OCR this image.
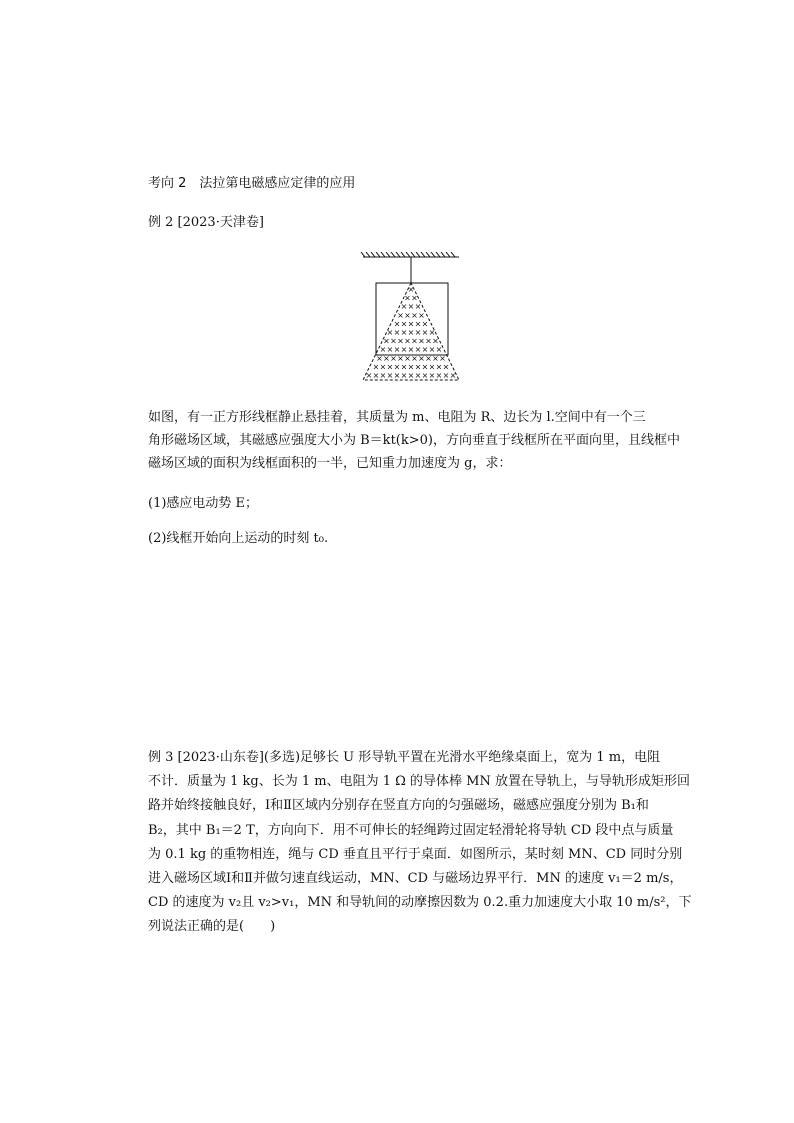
考向 2　法拉第电磁感应定律的应用
例 2 [2023·天津卷]
×
× ×
× × ×
× × × ×
× × × × ×
× × × × × × ×
× × × × × × × ×
× × × × × × × × ×
× × × × × × × × × ×
× × × × × × × × × × ×
× × × × × × × × × × × × ×
如图，有一正方形线框静止悬挂着，其质量为 m、电阻为 R、边长为 l.空间中有一个三
角形磁场区域，其磁感应强度大小为 B＝kt(k>0)，方向垂直于线框所在平面向里，且线框中
磁场区域的面积为线框面积的一半，已知重力加速度为 g，求：
(1)感应电动势 E；
(2)线框开始向上运动的时刻 t₀.
例 3 [2023·山东卷](多选)足够长 U 形导轨平置在光滑水平绝缘桌面上，宽为 1 m，电阻
不计．质量为 1 kg、长为 1 m、电阻为 1 Ω 的导体棒 MN 放置在导轨上，与导轨形成矩形回
路并始终接触良好，Ⅰ和Ⅱ区域内分别存在竖直方向的匀强磁场，磁感应强度分别为 B₁和
B₂，其中 B₁＝2 T，方向向下．用不可伸长的轻绳跨过固定轻滑轮将导轨 CD 段中点与质量
为 0.1 kg 的重物相连，绳与 CD 垂直且平行于桌面．如图所示，某时刻 MN、CD 同时分别
进入磁场区域Ⅰ和Ⅱ并做匀速直线运动，MN、CD 与磁场边界平行．MN 的速度 v₁＝2 m/s，
CD 的速度为 v₂且 v₂>v₁，MN 和导轨间的动摩擦因数为 0.2.重力加速度大小取 10 m/s²，下
列说法正确的是(　　)
